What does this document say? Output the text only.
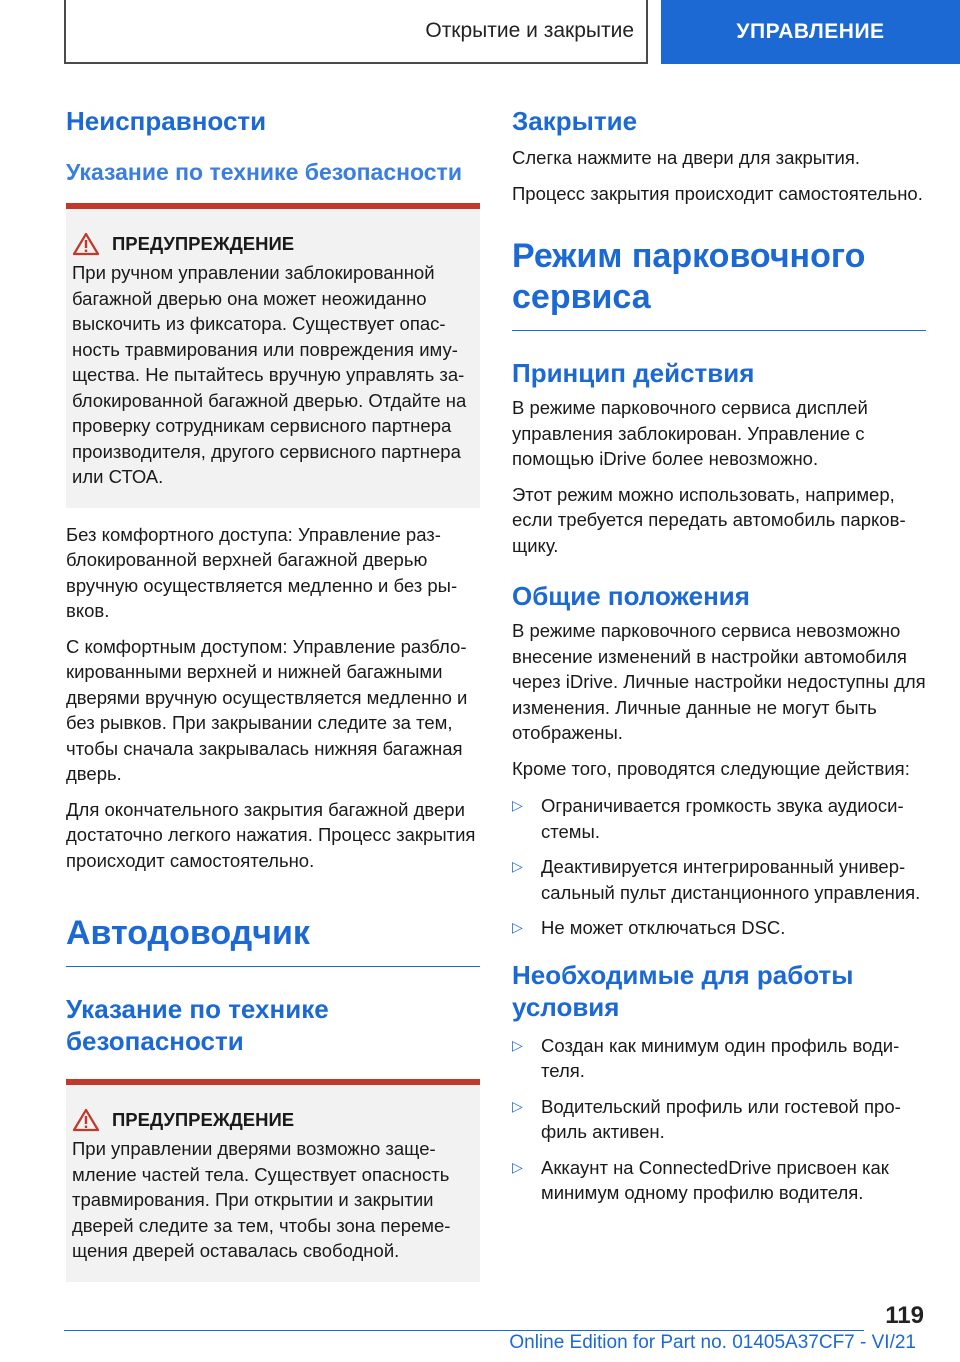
Открытие и закрытие	УПРАВЛЕНИЕ
Неисправности
Указание по технике безопасности
ПРЕДУПРЕЖДЕНИЕ

При ручном управлении заблокированной багажной дверью она может неожиданно выскочить из фиксатора. Существует опасность травмирования или повреждения имущества. Не пытайтесь вручную управлять заблокированной багажной дверью. Отдайте на проверку сотрудникам сервисного партнера производителя, другого сервисного партнера или СТОА.

Без комфортного доступа: Управление разблокированной верхней багажной дверью вручную осуществляется медленно и без рывков.

С комфортным доступом: Управление разблокированными верхней и нижней багажными дверями вручную осуществляется медленно и без рывков. При закрывании следите за тем, чтобы сначала закрывалась нижняя багажная дверь.

Для окончательного закрытия багажной двери достаточно легкого нажатия. Процесс закрытия происходит самостоятельно.

Автодоводчик
Указание по технике безопасности
ПРЕДУПРЕЖДЕНИЕ

При управлении дверями возможно защемление частей тела. Существует опасность травмирования. При открытии и закрытии дверей следите за тем, чтобы зона перемещения дверей оставалась свободной.

Закрытие

Слегка нажмите на двери для закрытия.

Процесс закрытия происходит самостоятельно.

Режим парковочного сервиса
Принцип действия

В режиме парковочного сервиса дисплей управления заблокирован. Управление с помощью iDrive более невозможно.

Этот режим можно использовать, например, если требуется передать автомобиль парковщику.

Общие положения

В режиме парковочного сервиса невозможно внесение изменений в настройки автомобиля через iDrive. Личные настройки недоступны для изменения. Личные данные не могут быть отображены.

Кроме того, проводятся следующие действия:

▷ Ограничивается громкость звука аудиосистемы.
▷ Деактивируется интегрированный универсальный пульт дистанционного управления.
▷ Не может отключаться DSC.
Необходимые для работы условия
▷ Создан как минимум один профиль водителя.
▷ Водительский профиль или гостевой профиль активен.
▷ Аккаунт на ConnectedDrive присвоен как минимум одному профилю водителя.
119
Online Edition for Part no. 01405A37CF7 - VI/21
